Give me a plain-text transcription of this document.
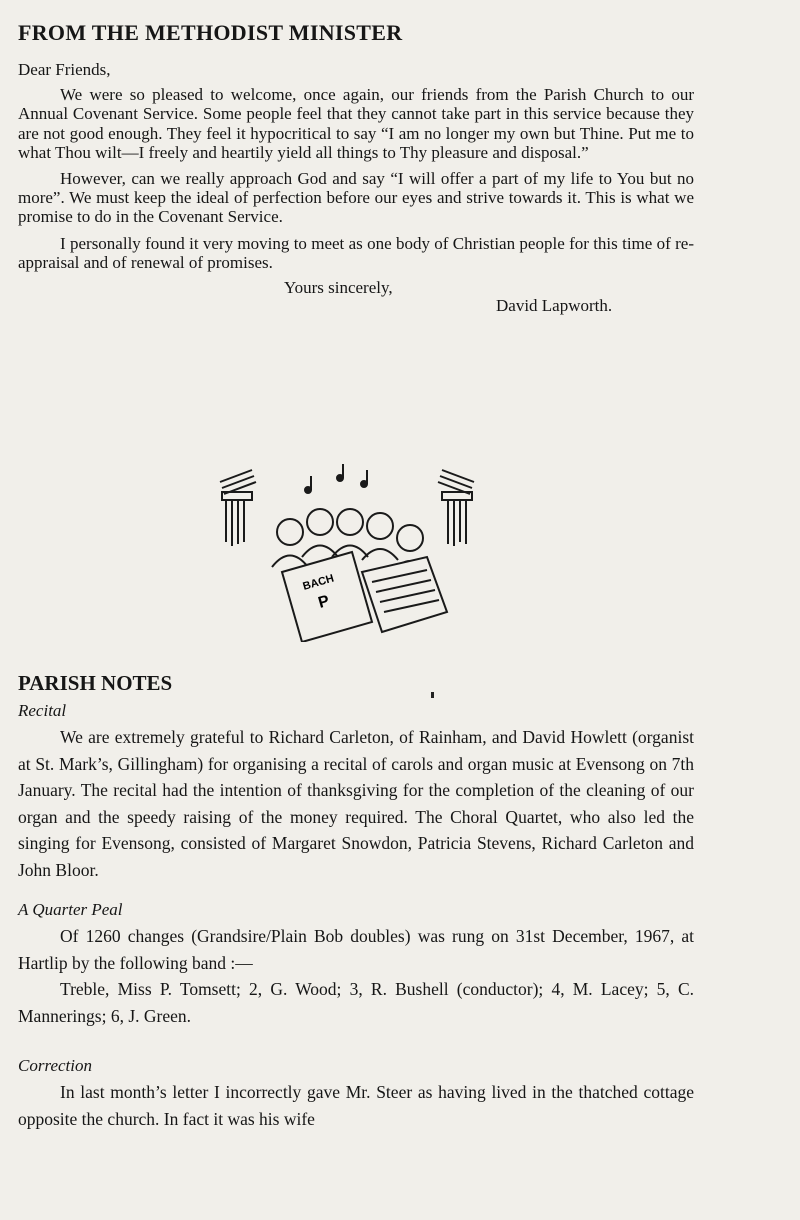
FROM THE METHODIST MINISTER

Dear Friends,

We were so pleased to welcome, once again, our friends from the Parish Church to our Annual Covenant Service. Some people feel that they cannot take part in this service because they are not good enough. They feel it hypocritical to say “I am no longer my own but Thine. Put me to what Thou wilt—I freely and heartily yield all things to Thy pleasure and disposal.”

However, can we really approach God and say “I will offer a part of my life to You but no more”. We must keep the ideal of perfection before our eyes and strive towards it. This is what we promise to do in the Covenant Service.

I personally found it very moving to meet as one body of Christian people for this time of re-appraisal and of renewal of promises.

Yours sincerely,
David Lapworth.
BACH
P
PARISH NOTES

Recital

We are extremely grateful to Richard Carleton, of Rainham, and David Howlett (organist at St. Mark’s, Gillingham) for organising a recital of carols and organ music at Evensong on 7th January. The recital had the intention of thanksgiving for the completion of the cleaning of our organ and the speedy raising of the money required. The Choral Quartet, who also led the singing for Evensong, consisted of Margaret Snowdon, Patricia Stevens, Richard Carleton and John Bloor.

A Quarter Peal

Of 1260 changes (Grandsire/Plain Bob doubles) was rung on 31st December, 1967, at Hartlip by the following band :—

Treble, Miss P. Tomsett; 2, G. Wood; 3, R. Bushell (conductor); 4, M. Lacey; 5, C. Mannerings; 6, J. Green.

Correction

In last month’s letter I incorrectly gave Mr. Steer as having lived in the thatched cottage opposite the church. In fact it was his wife
